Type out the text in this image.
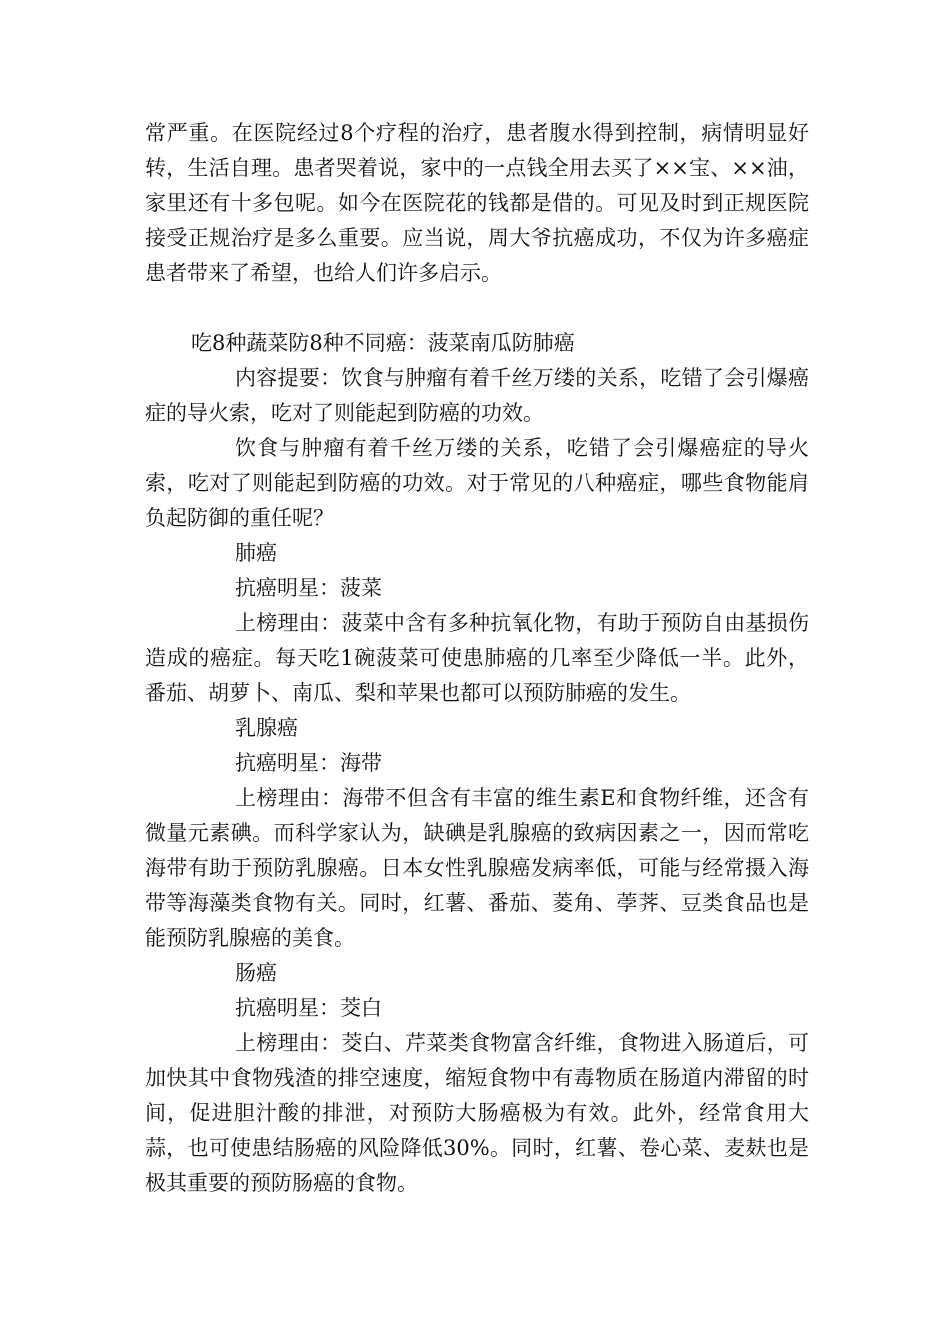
常严重。在医院经过8个疗程的治疗，患者腹水得到控制，病情明显好转，生活自理。患者哭着说，家中的一点钱全用去买了××宝、××油，家里还有十多包呢。如今在医院花的钱都是借的。可见及时到正规医院接受正规治疗是多么重要。应当说，周大爷抗癌成功，不仅为许多癌症患者带来了希望，也给人们许多启示。

吃8种蔬菜防8种不同癌：菠菜南瓜防肺癌

内容提要：饮食与肿瘤有着千丝万缕的关系，吃错了会引爆癌症的导火索，吃对了则能起到防癌的功效。

饮食与肿瘤有着千丝万缕的关系，吃错了会引爆癌症的导火索，吃对了则能起到防癌的功效。对于常见的八种癌症，哪些食物能肩负起防御的重任呢？

肺癌

抗癌明星：菠菜

上榜理由：菠菜中含有多种抗氧化物，有助于预防自由基损伤造成的癌症。每天吃1碗菠菜可使患肺癌的几率至少降低一半。此外，番茄、胡萝卜、南瓜、梨和苹果也都可以预防肺癌的发生。

乳腺癌

抗癌明星：海带

上榜理由：海带不但含有丰富的维生素E和食物纤维，还含有微量元素碘。而科学家认为，缺碘是乳腺癌的致病因素之一，因而常吃海带有助于预防乳腺癌。日本女性乳腺癌发病率低，可能与经常摄入海带等海藻类食物有关。同时，红薯、番茄、菱角、荸荠、豆类食品也是能预防乳腺癌的美食。

肠癌

抗癌明星：茭白

上榜理由：茭白、芹菜类食物富含纤维，食物进入肠道后，可加快其中食物残渣的排空速度，缩短食物中有毒物质在肠道内滞留的时间，促进胆汁酸的排泄，对预防大肠癌极为有效。此外，经常食用大蒜，也可使患结肠癌的风险降低30%。同时，红薯、卷心菜、麦麸也是极其重要的预防肠癌的食物。
